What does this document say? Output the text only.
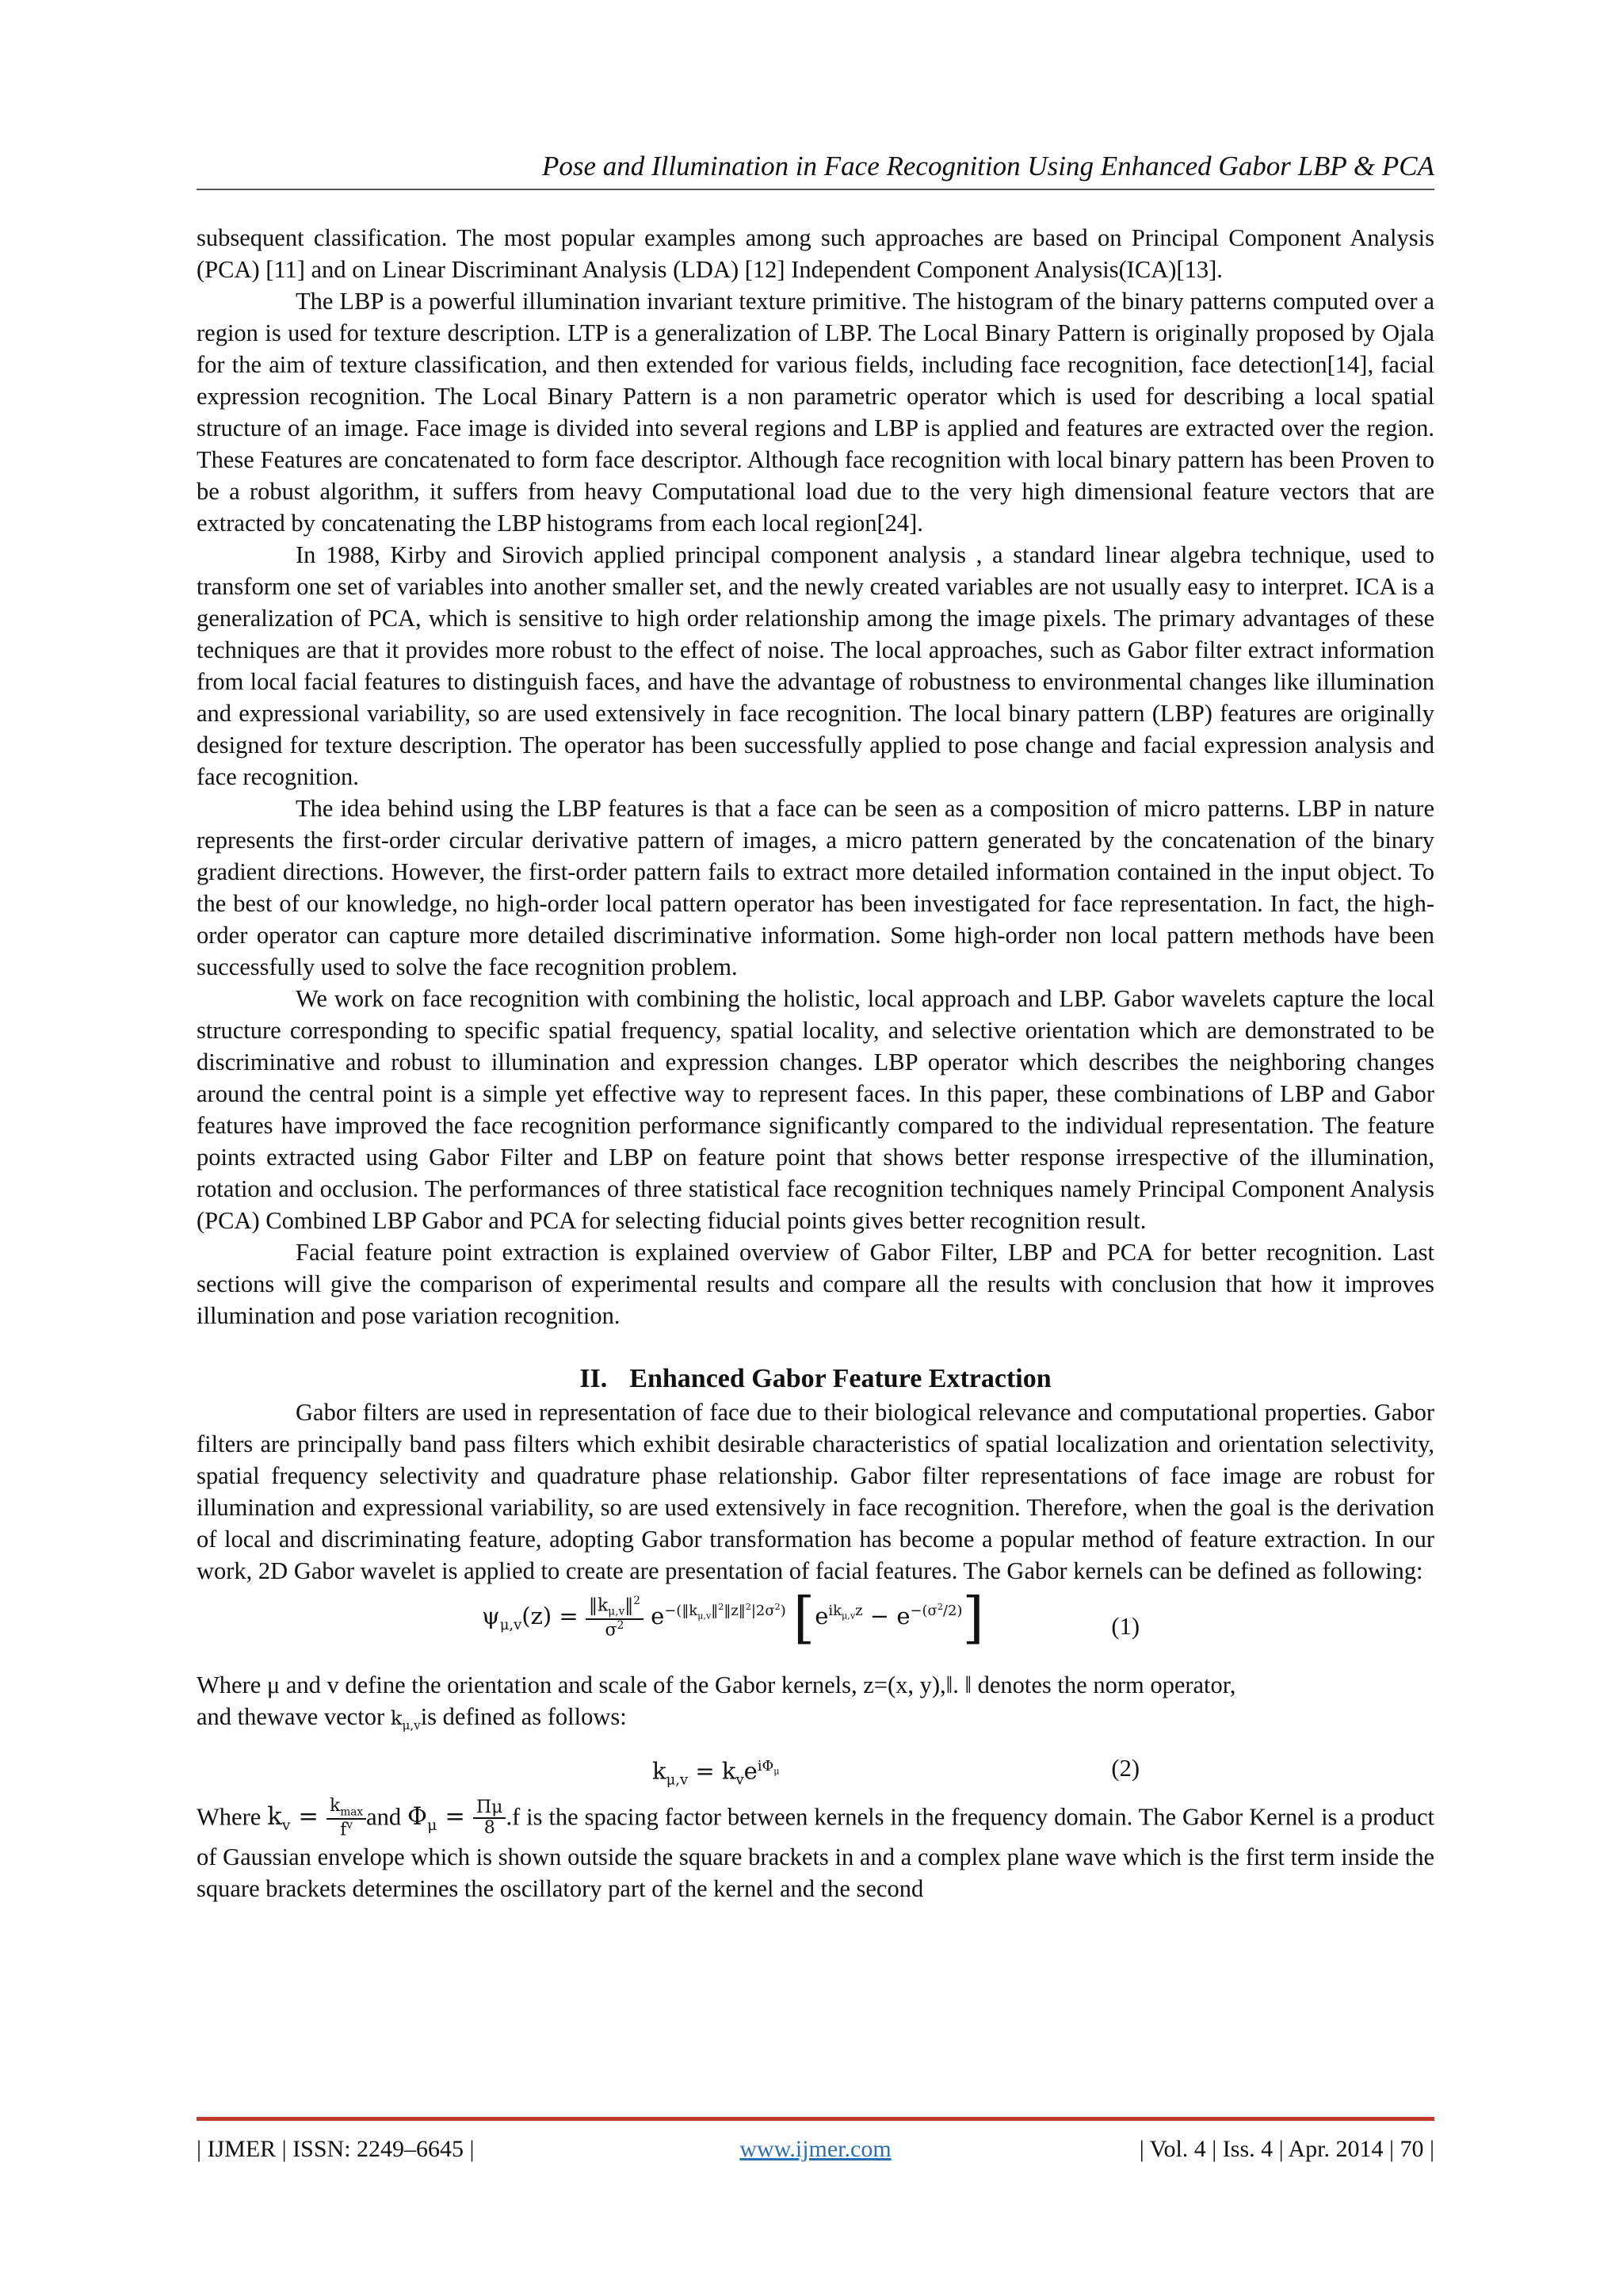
Pose and Illumination in Face Recognition Using Enhanced Gabor LBP & PCA

subsequent classification. The most popular examples among such approaches are based on Principal Component Analysis (PCA) [11] and on Linear Discriminant Analysis (LDA) [12] Independent Component Analysis(ICA)[13].

The LBP is a powerful illumination invariant texture primitive. The histogram of the binary patterns computed over a region is used for texture description. LTP is a generalization of LBP. The Local Binary Pattern is originally proposed by Ojala for the aim of texture classification, and then extended for various fields, including face recognition, face detection[14], facial expression recognition. The Local Binary Pattern is a non parametric operator which is used for describing a local spatial structure of an image. Face image is divided into several regions and LBP is applied and features are extracted over the region. These Features are concatenated to form face descriptor. Although face recognition with local binary pattern has been Proven to be a robust algorithm, it suffers from heavy Computational load due to the very high dimensional feature vectors that are extracted by concatenating the LBP histograms from each local region[24].

In 1988, Kirby and Sirovich applied principal component analysis , a standard linear algebra technique, used to transform one set of variables into another smaller set, and the newly created variables are not usually easy to interpret. ICA is a generalization of PCA, which is sensitive to high order relationship among the image pixels. The primary advantages of these techniques are that it provides more robust to the effect of noise. The local approaches, such as Gabor filter extract information from local facial features to distinguish faces, and have the advantage of robustness to environmental changes like illumination and expressional variability, so are used extensively in face recognition. The local binary pattern (LBP) features are originally designed for texture description. The operator has been successfully applied to pose change and facial expression analysis and face recognition.

The idea behind using the LBP features is that a face can be seen as a composition of micro patterns. LBP in nature represents the first-order circular derivative pattern of images, a micro pattern generated by the concatenation of the binary gradient directions. However, the first-order pattern fails to extract more detailed information contained in the input object. To the best of our knowledge, no high-order local pattern operator has been investigated for face representation. In fact, the high-order operator can capture more detailed discriminative information. Some high-order non local pattern methods have been successfully used to solve the face recognition problem.

We work on face recognition with combining the holistic, local approach and LBP. Gabor wavelets capture the local structure corresponding to specific spatial frequency, spatial locality, and selective orientation which are demonstrated to be discriminative and robust to illumination and expression changes. LBP operator which describes the neighboring changes around the central point is a simple yet effective way to represent faces. In this paper, these combinations of LBP and Gabor features have improved the face recognition performance significantly compared to the individual representation. The feature points extracted using Gabor Filter and LBP on feature point that shows better response irrespective of the illumination, rotation and occlusion. The performances of three statistical face recognition techniques namely Principal Component Analysis (PCA) Combined LBP Gabor and PCA for selecting fiducial points gives better recognition result.

Facial feature point extraction is explained overview of Gabor Filter, LBP and PCA for better recognition. Last sections will give the comparison of experimental results and compare all the results with conclusion that how it improves illumination and pose variation recognition.

II. Enhanced Gabor Feature Extraction

Gabor filters are used in representation of face due to their biological relevance and computational properties. Gabor filters are principally band pass filters which exhibit desirable characteristics of spatial localization and orientation selectivity, spatial frequency selectivity and quadrature phase relationship. Gabor filter representations of face image are robust for illumination and expressional variability, so are used extensively in face recognition. Therefore, when the goal is the derivation of local and discriminating feature, adopting Gabor transformation has become a popular method of feature extraction. In our work, 2D Gabor wavelet is applied to create are presentation of facial features. The Gabor kernels can be defined as following:

$\psi_{\mu,v}(z) = \frac{‖k_{\mu,v}‖^2}{\sigma^2} e^{-(‖k_{\mu,v}‖^2‖z‖^2|2\sigma^2)}$ $[e^{ik_{\mu,v}z} - e^{-(\sigma^2/2)}]$	(1)

Where μ and v define the orientation and scale of the Gabor kernels, z=(x, y),‖. ‖ denotes the norm operator,

and thewave vector $k_{\mu,v}is$ defined as follows:

$k_{\mu,v} = k_ve^{i\Phi_\mu}$	(2)

Where $k_v = \frac{k_{max}}{f^v}$ and $\Phi_\mu = \frac{\Pi\mu}{8} .f$ is the spacing factor between kernels in the frequency domain. The Gabor Kernel is a product of Gaussian envelope which is shown outside the square brackets in and a complex plane wave which is the first term inside the square brackets determines the oscillatory part of the kernel and the second

| IJMER | ISSN: 2249–6645 |	www.ijmer.com	| Vol. 4 | Iss. 4 | Apr. 2014 | 70 |
